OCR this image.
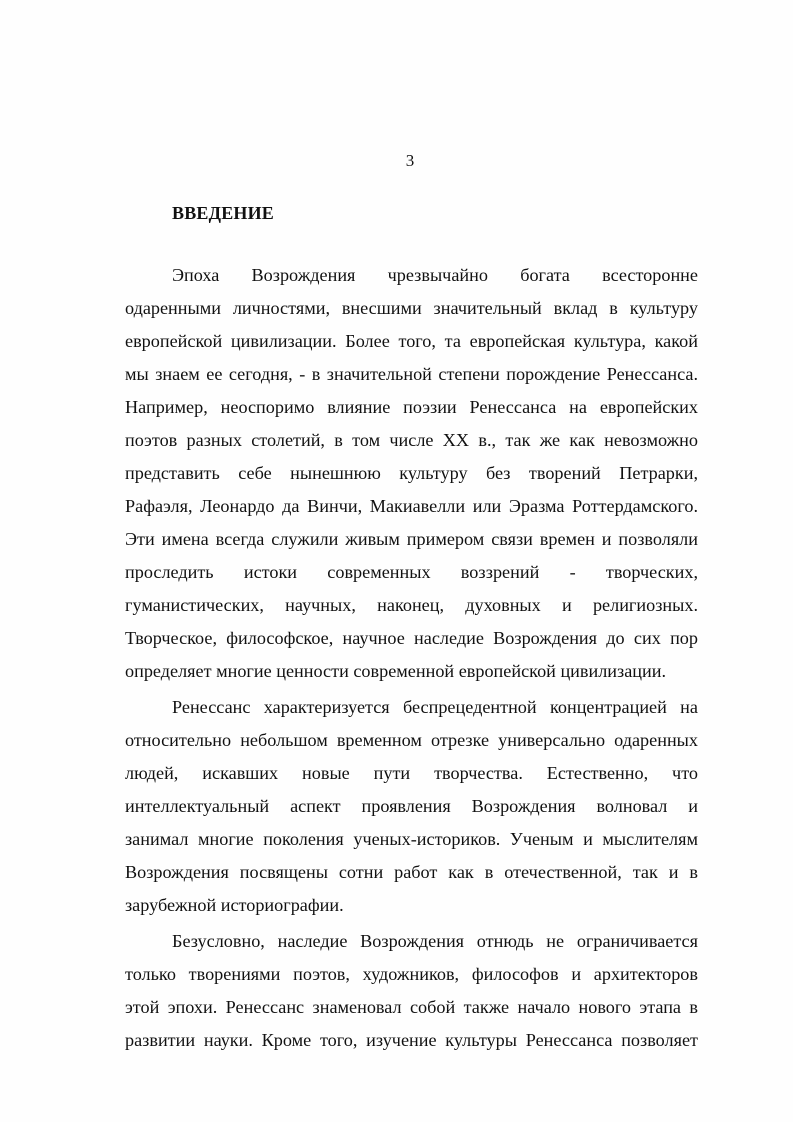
3
ВВЕДЕНИЕ
Эпоха Возрождения чрезвычайно богата всесторонне
одаренными личностями, внесшими значительный вклад в культуру
европейской цивилизации. Более того, та европейская культура, какой
мы знаем ее сегодня, - в значительной степени порождение Ренессанса.
Например, неоспоримо влияние поэзии Ренессанса на европейских
поэтов разных столетий, в том числе XX в., так же как невозможно
представить себе нынешнюю культуру без творений Петрарки,
Рафаэля, Леонардо да Винчи, Макиавелли или Эразма Роттердамского.
Эти имена всегда служили живым примером связи времен и позволяли
проследить истоки современных воззрений - творческих,
гуманистических, научных, наконец, духовных и религиозных.
Творческое, философское, научное наследие Возрождения до сих пор
определяет многие ценности современной европейской цивилизации.
Ренессанс характеризуется беспрецедентной концентрацией на
относительно небольшом временном отрезке универсально одаренных
людей, искавших новые пути творчества. Естественно, что
интеллектуальный аспект проявления Возрождения волновал и
занимал многие поколения ученых-историков. Ученым и мыслителям
Возрождения посвящены сотни работ как в отечественной, так и в
зарубежной историографии.
Безусловно, наследие Возрождения отнюдь не ограничивается
только творениями поэтов, художников, философов и архитекторов
этой эпохи. Ренессанс знаменовал собой также начало нового этапа в
развитии науки. Кроме того, изучение культуры Ренессанса позволяет
